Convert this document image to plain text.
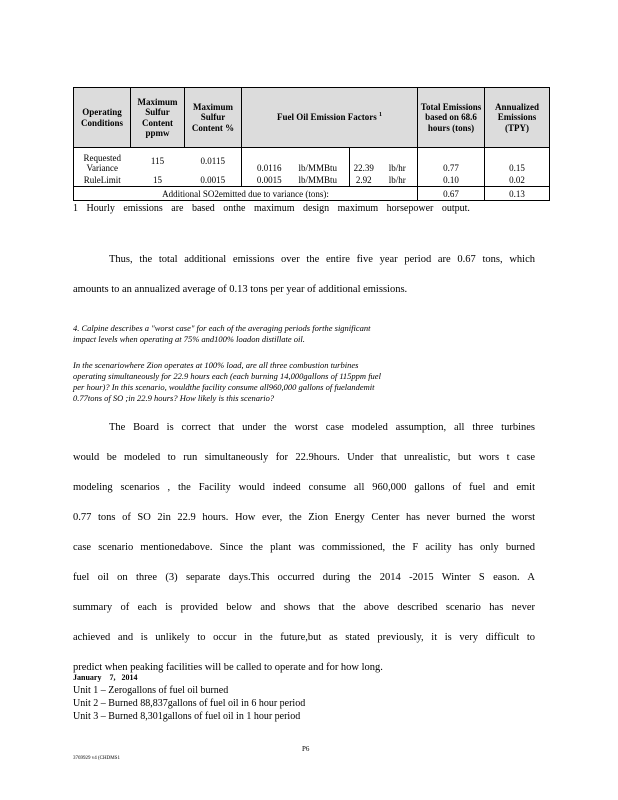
Operating Conditions	Maximum Sulfur Content ppmw	Maximum Sulfur Content %	Fuel Oil Emission Factors $^1$				Total Emissions based on 68.6 hours (tons)	Annualized Emissions (TPY)

Requested Variance	115	0.0115	0.0116	lb/MMBtu	22.39	lb/hr	0.77	0.15
RuleLimit	15	0.0015	0.0015	lb/MMBtu	2.92	lb/hr	0.10	0.02
Additional SO2emitted due to variance (tons):							0.67	0.13
1 Hourly emissions are based onthe maximum design maximum horsepower output.
Thus, the total additional emissions over the entire five year period are 0.67 tons, which
amounts to an annualized average of 0.13 tons per year of additional emissions.
4. Calpine describes a "worst case" for each of the averaging periods forthe significant
impact levels when operating at 75% and100% loadon distillate oil.
In the scenariowhere Zion operates at 100% load, are all three combustion turbines
operating simultaneously for 22.9 hours each (each burning 14,000gallons of 115ppm fuel
per hour)? In this scenario, wouldthe facility consume all960,000 gallons of fuelandemit
0.77tons of SO ;in 22.9 hours? How likely is this scenario?
The Board is correct that under the worst case modeled assumption, all three turbines
would be modeled to run simultaneously for 22.9hours. Under that unrealistic, but wors t case
modeling scenarios , the Facility would indeed consume all 960,000 gallons of fuel and emit
0.77 tons of SO 2in 22.9 hours. How ever, the Zion Energy Center has never burned the worst
case scenario mentionedabove. Since the plant was commissioned, the F acility has only burned
fuel oil on three (3) separate days.This occurred during the 2014 -2015 Winter S eason. A
summary of each is provided below and shows that the above described scenario has never
achieved and is unlikely to occur in the future,but as stated previously, it is very difficult to
predict when peaking facilities will be called to operate and for how long.
January    7,   2014
Unit 1 – Zerogallons of fuel oil burned
Unit 2 – Burned 88,837gallons of fuel oil in 6 hour period
Unit 3 – Burned 8,301gallons of fuel oil in 1 hour period
P6
3769929 v4 (CHDMS1
